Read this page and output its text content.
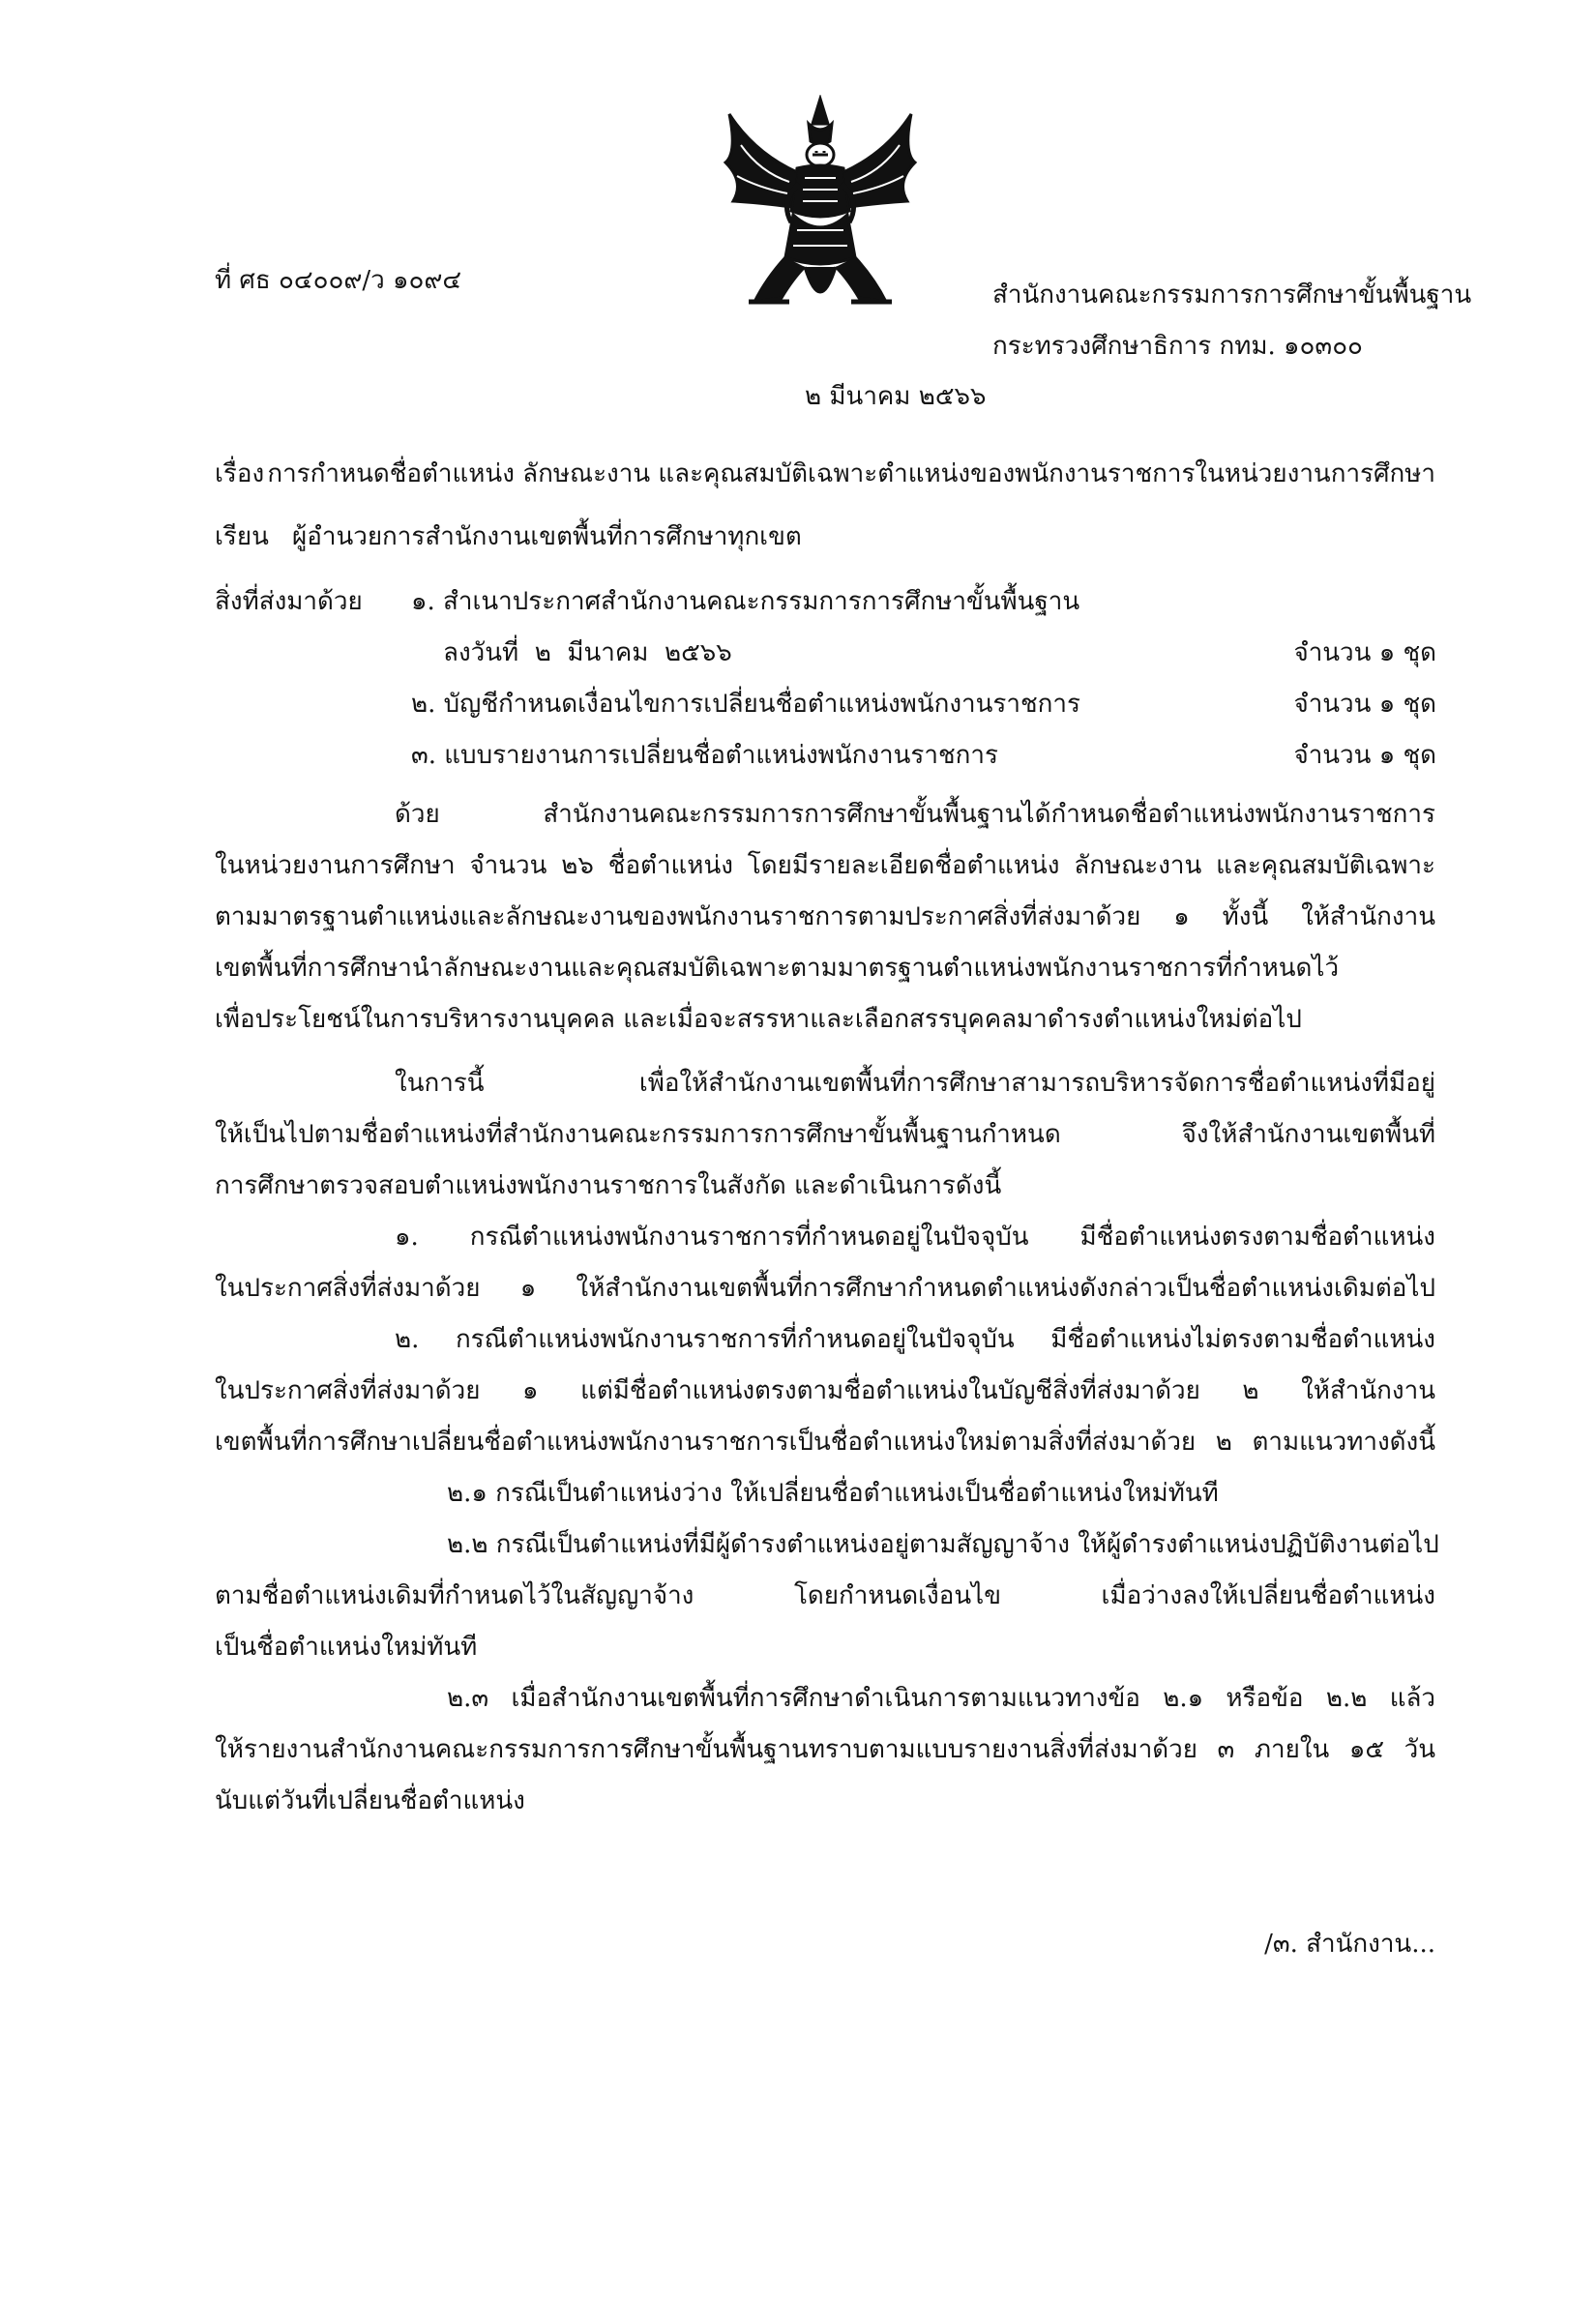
ที่ ศธ ๐๔๐๐๙/ว ๑๐๙๔	สำนักงานคณะกรรมการการศึกษาขั้นพื้นฐาน
กระทรวงศึกษาธิการ กทม. ๑๐๓๐๐
๒ มีนาคม ๒๕๖๖
เรื่อง การกำหนดชื่อตำแหน่ง ลักษณะงาน และคุณสมบัติเฉพาะตำแหน่งของพนักงานราชการในหน่วยงานการศึกษา
เรียน ผู้อำนวยการสำนักงานเขตพื้นที่การศึกษาทุกเขต
สิ่งที่ส่งมาด้วย ๑. สำเนาประกาศสำนักงานคณะกรรมการการศึกษาขั้นพื้นฐาน
ลงวันที่  ๒  มีนาคม  ๒๕๖๖	จำนวน ๑ ชุด
๒. บัญชีกำหนดเงื่อนไขการเปลี่ยนชื่อตำแหน่งพนักงานราชการ	จำนวน ๑ ชุด
๓. แบบรายงานการเปลี่ยนชื่อตำแหน่งพนักงานราชการ	จำนวน ๑ ชุด
ด้วย สำนักงานคณะกรรมการการศึกษาขั้นพื้นฐานได้กำหนดชื่อตำแหน่งพนักงานราชการ
ในหน่วยงานการศึกษา จำนวน ๒๖ ชื่อตำแหน่ง โดยมีรายละเอียดชื่อตำแหน่ง ลักษณะงาน และคุณสมบัติเฉพาะ
ตามมาตรฐานตำแหน่งและลักษณะงานของพนักงานราชการตามประกาศสิ่งที่ส่งมาด้วย ๑ ทั้งนี้ ให้สำนักงาน
เขตพื้นที่การศึกษานำลักษณะงานและคุณสมบัติเฉพาะตามมาตรฐานตำแหน่งพนักงานราชการที่กำหนดไว้
เพื่อประโยชน์ในการบริหารงานบุคคล และเมื่อจะสรรหาและเลือกสรรบุคคลมาดำรงตำแหน่งใหม่ต่อไป
ในการนี้ เพื่อให้สำนักงานเขตพื้นที่การศึกษาสามารถบริหารจัดการชื่อตำแหน่งที่มีอยู่
ให้เป็นไปตามชื่อตำแหน่งที่สำนักงานคณะกรรมการการศึกษาขั้นพื้นฐานกำหนด จึงให้สำนักงานเขตพื้นที่
การศึกษาตรวจสอบตำแหน่งพนักงานราชการในสังกัด และดำเนินการดังนี้
๑. กรณีตำแหน่งพนักงานราชการที่กำหนดอยู่ในปัจจุบัน มีชื่อตำแหน่งตรงตามชื่อตำแหน่ง
ในประกาศสิ่งที่ส่งมาด้วย ๑ ให้สำนักงานเขตพื้นที่การศึกษากำหนดตำแหน่งดังกล่าวเป็นชื่อตำแหน่งเดิมต่อไป
๒. กรณีตำแหน่งพนักงานราชการที่กำหนดอยู่ในปัจจุบัน มีชื่อตำแหน่งไม่ตรงตามชื่อตำแหน่ง
ในประกาศสิ่งที่ส่งมาด้วย ๑ แต่มีชื่อตำแหน่งตรงตามชื่อตำแหน่งในบัญชีสิ่งที่ส่งมาด้วย ๒ ให้สำนักงาน
เขตพื้นที่การศึกษาเปลี่ยนชื่อตำแหน่งพนักงานราชการเป็นชื่อตำแหน่งใหม่ตามสิ่งที่ส่งมาด้วย ๒ ตามแนวทางดังนี้
๒.๑ กรณีเป็นตำแหน่งว่าง ให้เปลี่ยนชื่อตำแหน่งเป็นชื่อตำแหน่งใหม่ทันที
๒.๒ กรณีเป็นตำแหน่งที่มีผู้ดำรงตำแหน่งอยู่ตามสัญญาจ้าง ให้ผู้ดำรงตำแหน่งปฏิบัติงานต่อไป
ตามชื่อตำแหน่งเดิมที่กำหนดไว้ในสัญญาจ้าง โดยกำหนดเงื่อนไข เมื่อว่างลงให้เปลี่ยนชื่อตำแหน่ง
เป็นชื่อตำแหน่งใหม่ทันที
๒.๓ เมื่อสำนักงานเขตพื้นที่การศึกษาดำเนินการตามแนวทางข้อ ๒.๑ หรือข้อ ๒.๒ แล้ว
ให้รายงานสำนักงานคณะกรรมการการศึกษาขั้นพื้นฐานทราบตามแบบรายงานสิ่งที่ส่งมาด้วย ๓ ภายใน ๑๕ วัน
นับแต่วันที่เปลี่ยนชื่อตำแหน่ง
/๓. สำนักงาน...
